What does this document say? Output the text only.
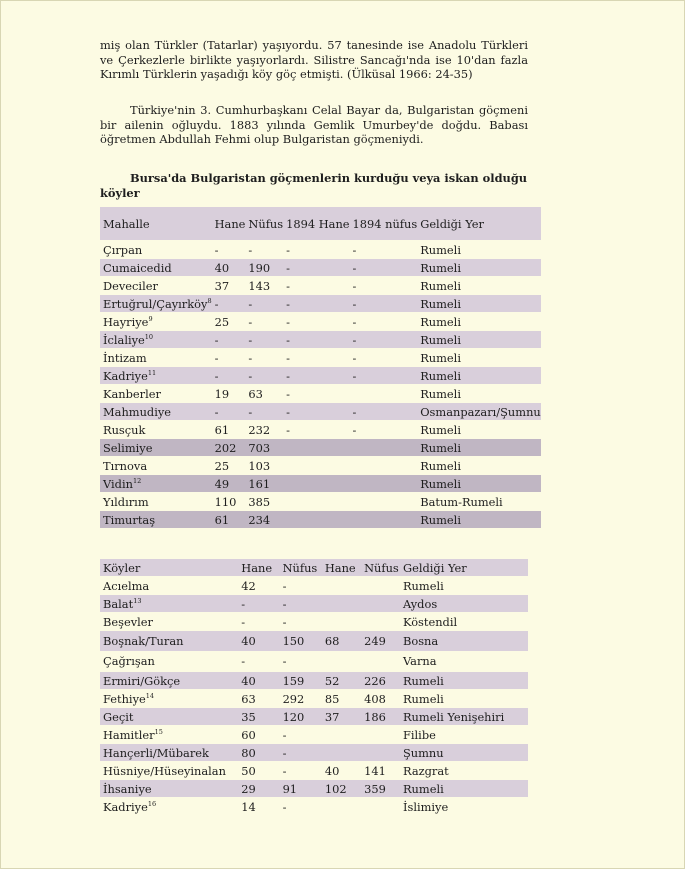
miş olan Türkler (Tatarlar) yaşıyordu. 57 tanesinde ise Anadolu Türkleri ve Çerkezlerle birlikte yaşıyorlardı. Silistre Sancağı'nda ise 10'dan fazla Kırımlı Türklerin yaşadığı köy göç etmişti. (Ülküsal 1966: 24-35)
Türkiye'nin 3. Cumhurbaşkanı Celal Bayar da, Bulgaristan göçmeni bir ailenin oğluydu. 1883 yılında Gemlik Umurbey'de doğdu. Babası öğretmen Abdullah Fehmi olup Bulgaristan göçmeniydi.
Bursa'da Bulgaristan göçmenlerin kurduğu veya iskan olduğu köyler
Mahalle	Hane	Nüfus	1894 Hane	1894 nüfus	Geldiği Yer
Çırpan	-	-	-	-	Rumeli
Cumaicedid	40	190	-	-	Rumeli
Deveciler	37	143	-	-	Rumeli
Ertuğrul/Çayırköy$^8$	-	-	-	-	Rumeli
Hayriye$^9$	25	-	-	-	Rumeli
İclaliye$^{10}$	-	-	-	-	Rumeli
İntizam	-	-	-	-	Rumeli
Kadriye$^{11}$	-	-	-	-	Rumeli
Kanberler	19	63	-		Rumeli
Mahmudiye	-	-	-	-	Osmanpazarı/Şumnu
Rusçuk	61	232	-	-	Rumeli
Selimiye	202	703			Rumeli
Tırnova	25	103			Rumeli
Vidin$^{12}$	49	161			Rumeli
Yıldırım	110	385			Batum-Rumeli
Timurtaş	61	234			Rumeli
Köyler	Hane	Nüfus	Hane	Nüfus	Geldiği Yer
Acıelma	42	-			Rumeli
Balat$^{13}$	-	-			Aydos
Beşevler	-	-			Köstendil
Boşnak/Turan	40	150	68	249	Bosna
Çağrışan	-	-			Varna
Ermiri/Gökçe	40	159	52	226	Rumeli
Fethiye$^{14}$	63	292	85	408	Rumeli
Geçit	35	120	37	186	Rumeli Yenişehiri
Hamitler$^{15}$	60	-			Filibe
Hançerli/Mübarek	80	-			Şumnu
Hüsniye/Hüseyinalan	50	-	40	141	Razgrat
İhsaniye	29	91	102	359	Rumeli
Kadriye$^{16}$	14	-			İslimiye
